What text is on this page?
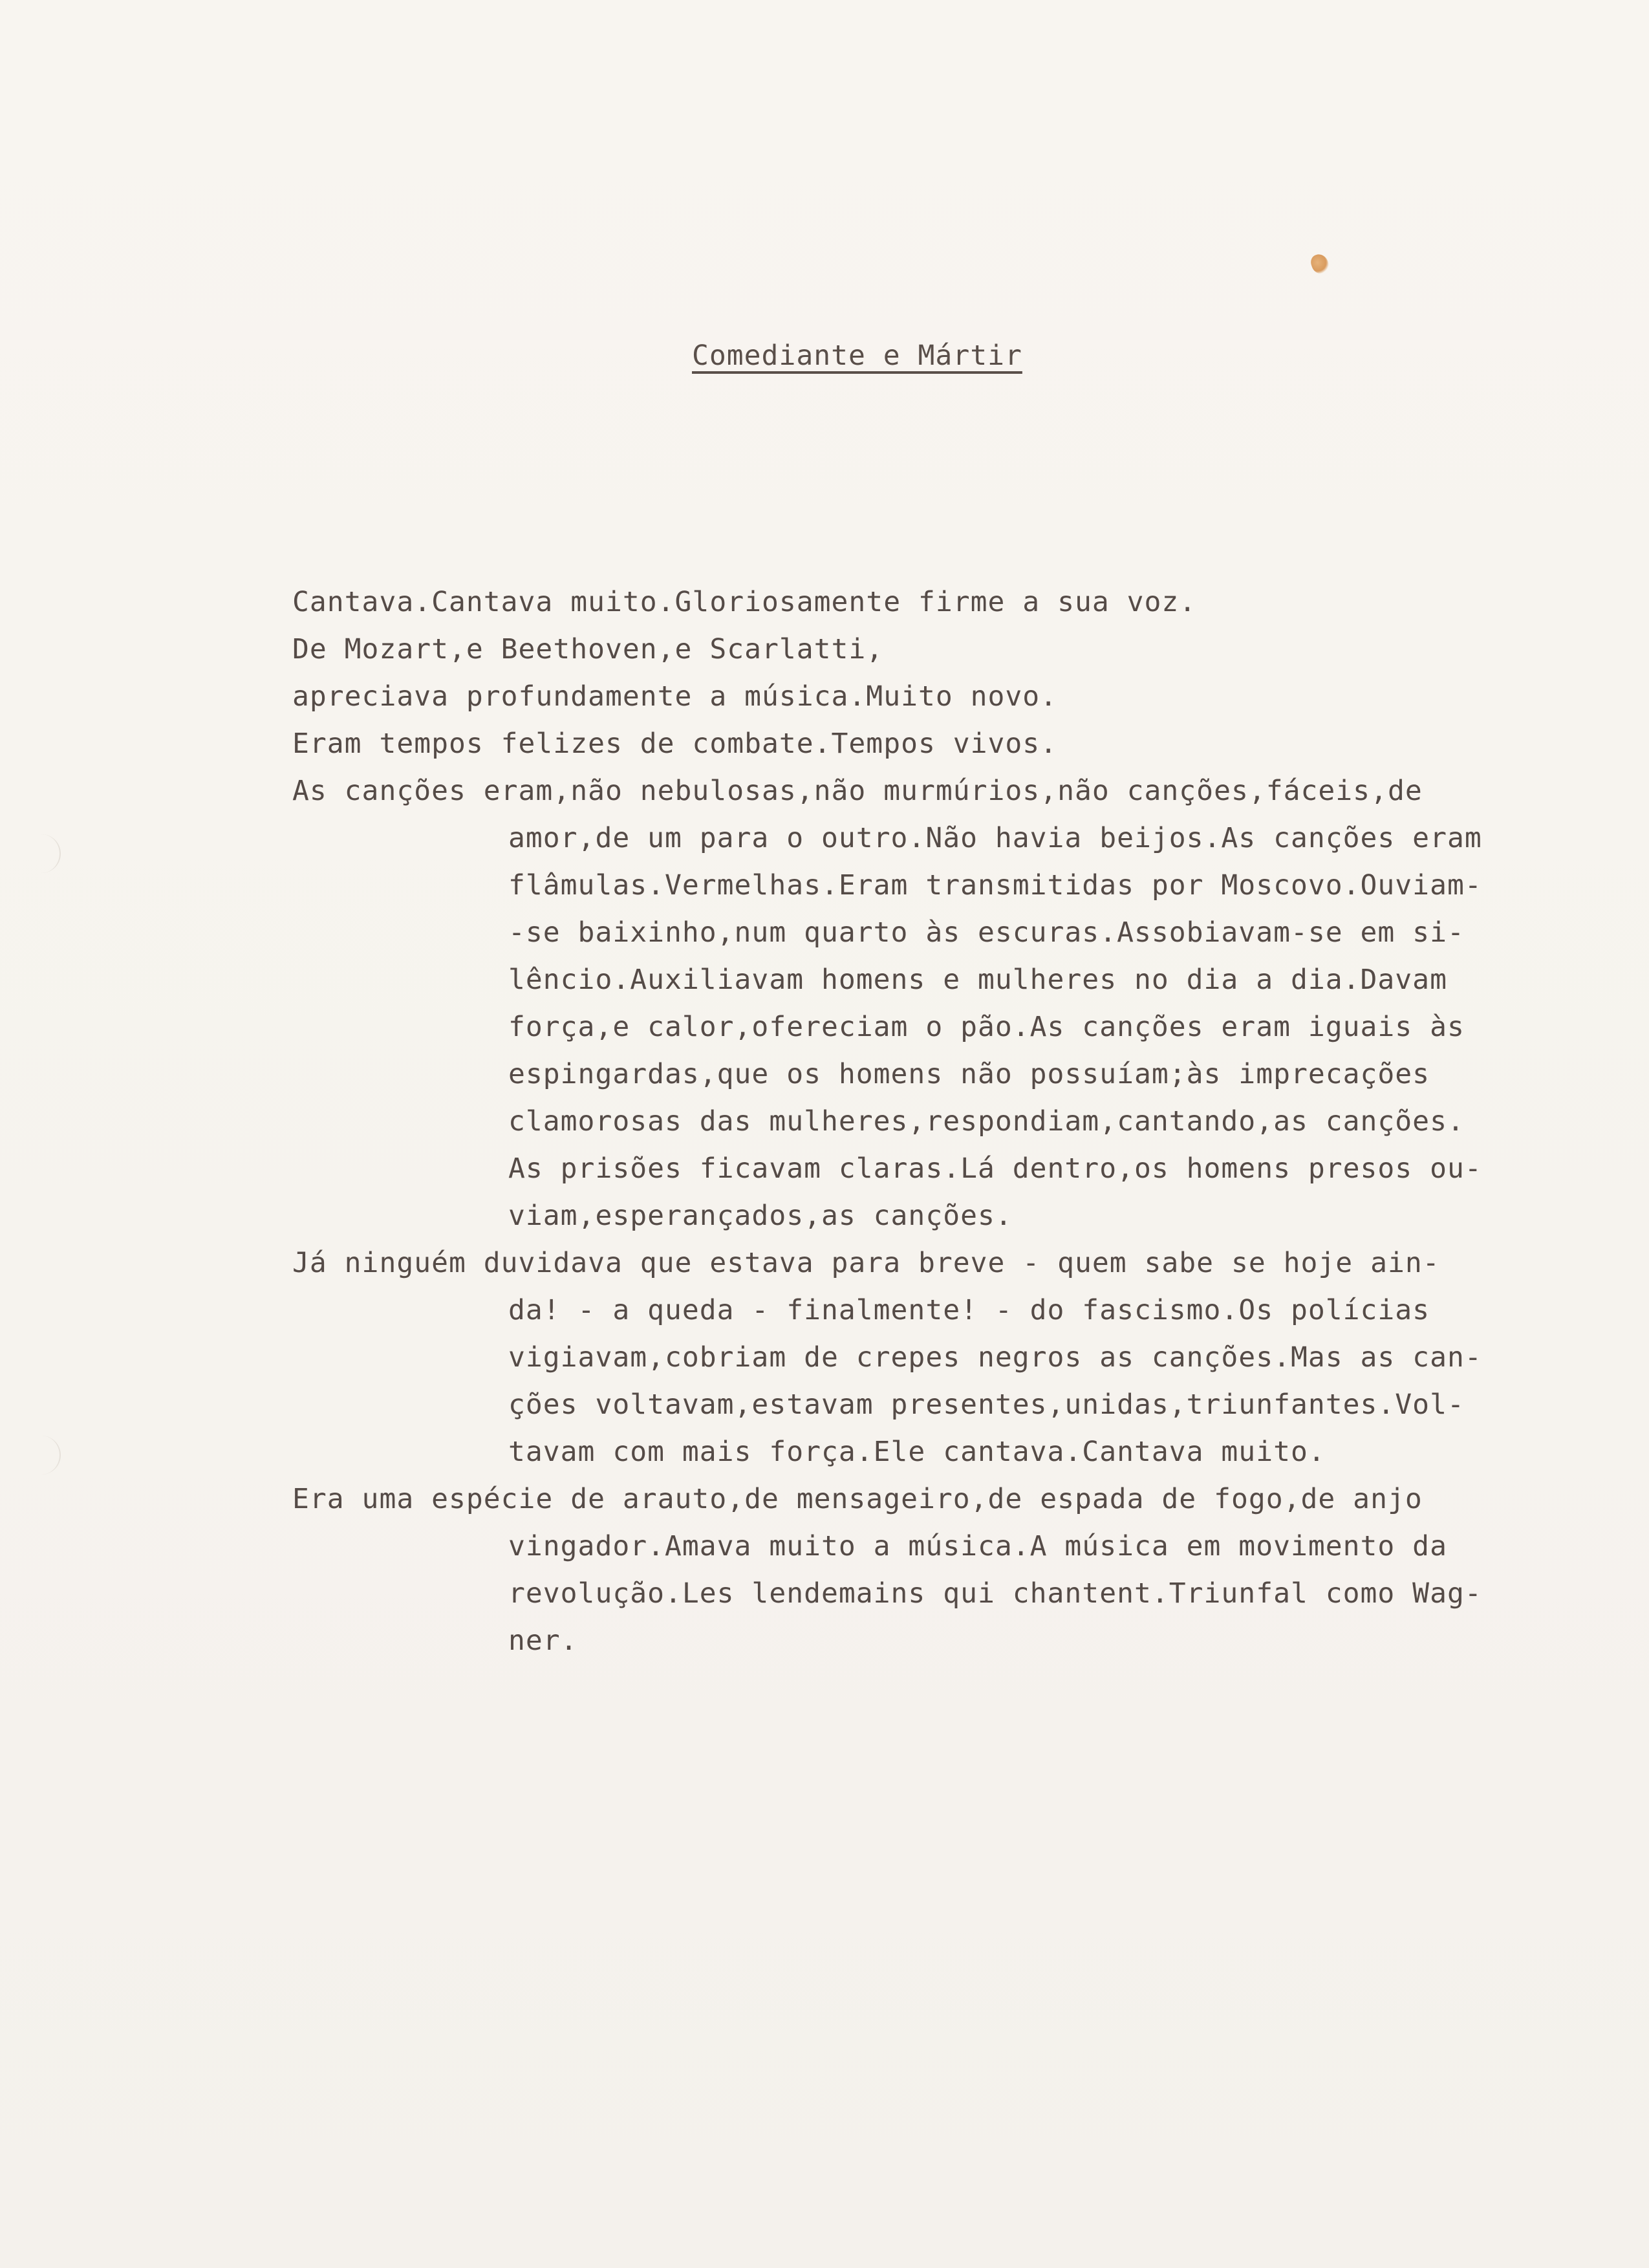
Comediante e Mártir

Cantava.Cantava muito.Gloriosamente firme a sua voz.

De Mozart,e Beethoven,e Scarlatti,

apreciava profundamente a música.Muito novo.

Eram tempos felizes de combate.Tempos vivos.

As canções eram,não nebulosas,não murmúrios,não canções,fáceis,de
amor,de um para o outro.Não havia beijos.As canções eram
flâmulas.Vermelhas.Eram transmitidas por Moscovo.Ouviam-
-se baixinho,num quarto às escuras.Assobiavam-se em si-
lêncio.Auxiliavam homens e mulheres no dia a dia.Davam
força,e calor,ofereciam o pão.As canções eram iguais às
espingardas,que os homens não possuíam;às imprecações
clamorosas das mulheres,respondiam,cantando,as canções.
As prisões ficavam claras.Lá dentro,os homens presos ou-
viam,esperançados,as canções.

Já ninguém duvidava que estava para breve - quem sabe se hoje ain-
da! - a queda - finalmente! - do fascismo.Os polícias
vigiavam,cobriam de crepes negros as canções.Mas as can-
ções voltavam,estavam presentes,unidas,triunfantes.Vol-
tavam com mais força.Ele cantava.Cantava muito.

Era uma espécie de arauto,de mensageiro,de espada de fogo,de anjo
vingador.Amava muito a música.A música em movimento da
revolução.Les lendemains qui chantent.Triunfal como Wag-
ner.
